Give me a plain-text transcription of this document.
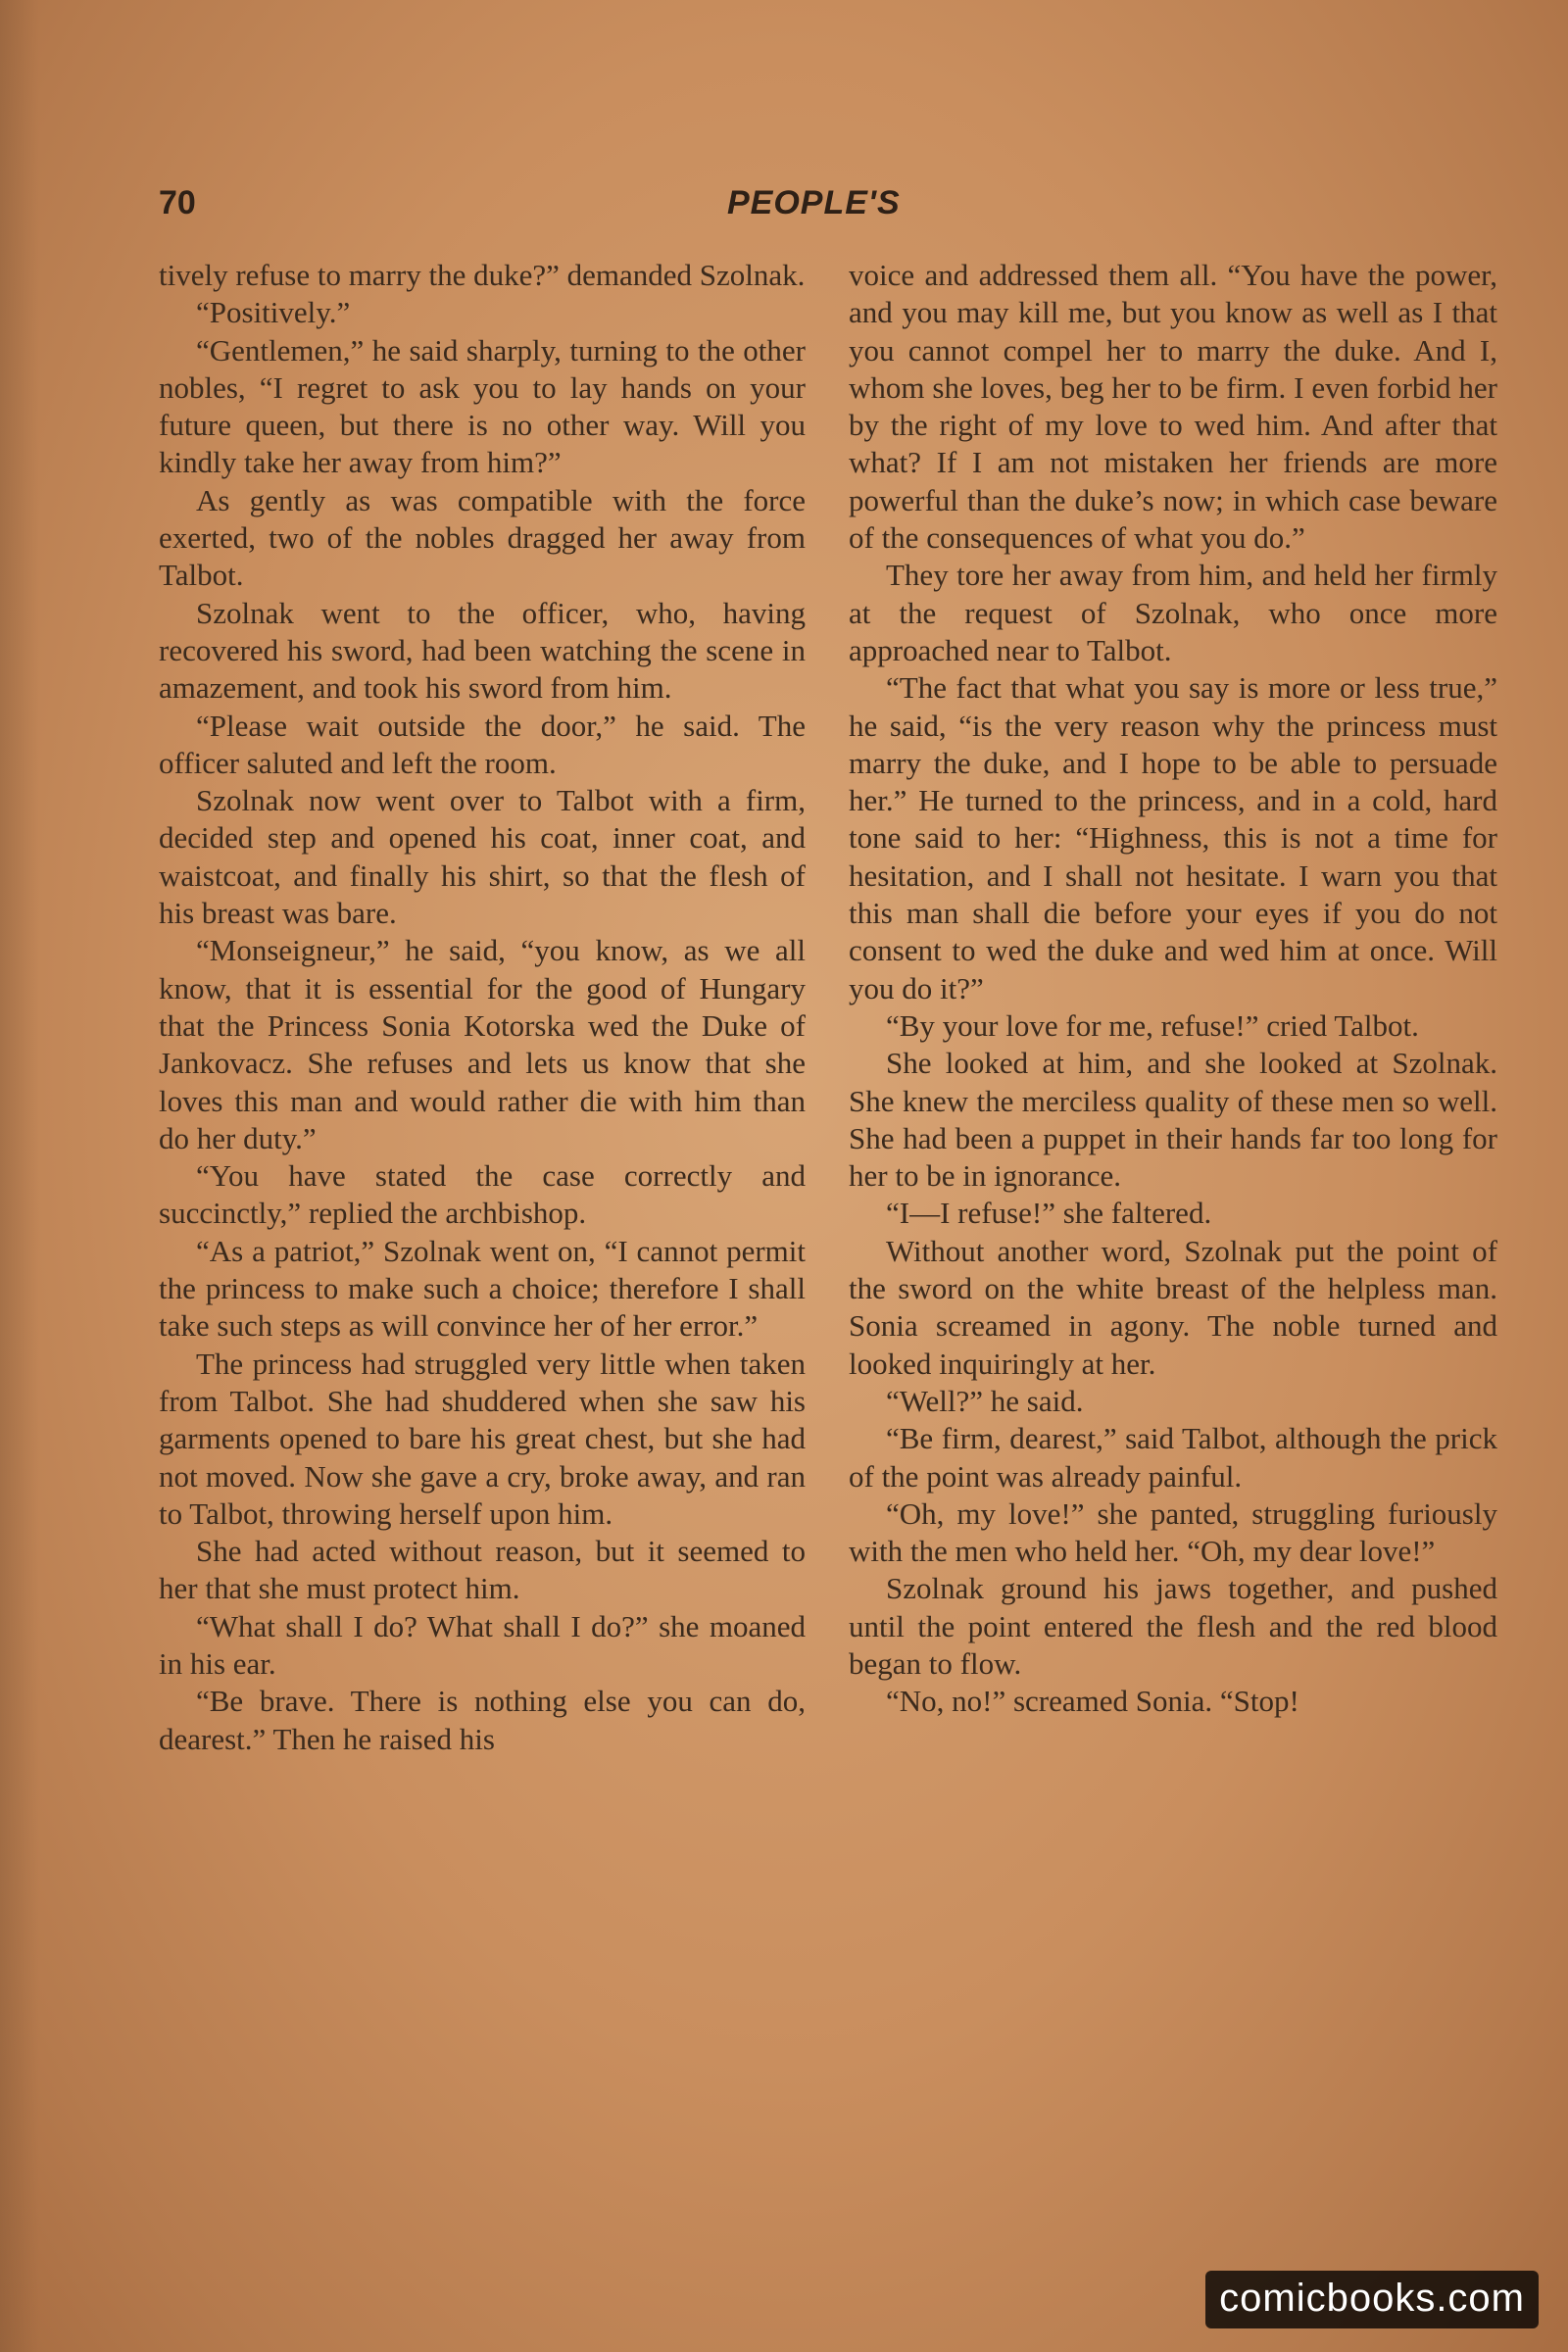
70	PEOPLE'S

tively refuse to marry the duke?” demanded Szolnak.

“Positively.”

“Gentlemen,” he said sharply, turning to the other nobles, “I regret to ask you to lay hands on your future queen, but there is no other way. Will you kindly take her away from him?”

As gently as was compatible with the force exerted, two of the nobles dragged her away from Talbot.

Szolnak went to the officer, who, having recovered his sword, had been watching the scene in amazement, and took his sword from him.

“Please wait outside the door,” he said. The officer saluted and left the room.

Szolnak now went over to Talbot with a firm, decided step and opened his coat, inner coat, and waistcoat, and finally his shirt, so that the flesh of his breast was bare.

“Monseigneur,” he said, “you know, as we all know, that it is essential for the good of Hungary that the Princess Sonia Kotorska wed the Duke of Jankovacz. She refuses and lets us know that she loves this man and would rather die with him than do her duty.”

“You have stated the case correctly and succinctly,” replied the archbishop.

“As a patriot,” Szolnak went on, “I cannot permit the princess to make such a choice; therefore I shall take such steps as will convince her of her error.”

The princess had struggled very little when taken from Talbot. She had shuddered when she saw his garments opened to bare his great chest, but she had not moved. Now she gave a cry, broke away, and ran to Talbot, throwing herself upon him.

She had acted without reason, but it seemed to her that she must protect him.

“What shall I do? What shall I do?” she moaned in his ear.

“Be brave. There is nothing else you can do, dearest.” Then he raised his

voice and addressed them all. “You have the power, and you may kill me, but you know as well as I that you cannot compel her to marry the duke. And I, whom she loves, beg her to be firm. I even forbid her by the right of my love to wed him. And after that what? If I am not mistaken her friends are more powerful than the duke’s now; in which case beware of the consequences of what you do.”

They tore her away from him, and held her firmly at the request of Szolnak, who once more approached near to Talbot.

“The fact that what you say is more or less true,” he said, “is the very reason why the princess must marry the duke, and I hope to be able to persuade her.” He turned to the princess, and in a cold, hard tone said to her: “Highness, this is not a time for hesitation, and I shall not hesitate. I warn you that this man shall die before your eyes if you do not consent to wed the duke and wed him at once. Will you do it?”

“By your love for me, refuse!” cried Talbot.

She looked at him, and she looked at Szolnak. She knew the merciless quality of these men so well. She had been a puppet in their hands far too long for her to be in ignorance.

“I—I refuse!” she faltered.

Without another word, Szolnak put the point of the sword on the white breast of the helpless man. Sonia screamed in agony. The noble turned and looked inquiringly at her.

“Well?” he said.

“Be firm, dearest,” said Talbot, although the prick of the point was already painful.

“Oh, my love!” she panted, struggling furiously with the men who held her. “Oh, my dear love!”

Szolnak ground his jaws together, and pushed until the point entered the flesh and the red blood began to flow.

“No, no!” screamed Sonia. “Stop!

comicbooks.com
